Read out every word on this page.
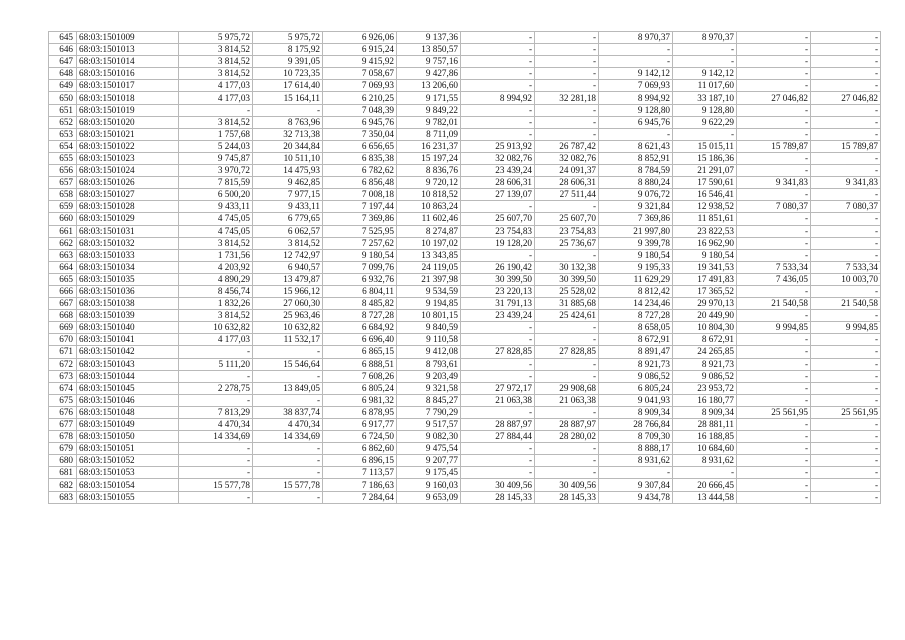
645	68:03:1501009	5 975,72	5 975,72	6 926,06	9 137,36	-	-	8 970,37	8 970,37	-	-
646	68:03:1501013	3 814,52	8 175,92	6 915,24	13 850,57	-	-	-	-	-	-
647	68:03:1501014	3 814,52	9 391,05	9 415,92	9 757,16	-	-	-	-	-	-
648	68:03:1501016	3 814,52	10 723,35	7 058,67	9 427,86	-	-	9 142,12	9 142,12	-	-
649	68:03:1501017	4 177,03	17 614,40	7 069,93	13 206,60	-	-	7 069,93	11 017,60	-	-
650	68:03:1501018	4 177,03	15 164,11	6 210,25	9 171,55	8 994,92	32 281,18	8 994,92	33 187,10	27 046,82	27 046,82
651	68:03:1501019	-	-	7 048,39	9 849,22	-	-	9 128,80	9 128,80	-	-
652	68:03:1501020	3 814,52	8 763,96	6 945,76	9 782,01	-	-	6 945,76	9 622,29	-	-
653	68:03:1501021	1 757,68	32 713,38	7 350,04	8 711,09	-	-	-	-	-	-
654	68:03:1501022	5 244,03	20 344,84	6 656,65	16 231,37	25 913,92	26 787,42	8 621,43	15 015,11	15 789,87	15 789,87
655	68:03:1501023	9 745,87	10 511,10	6 835,38	15 197,24	32 082,76	32 082,76	8 852,91	15 186,36	-	-
656	68:03:1501024	3 970,72	14 475,93	6 782,62	8 836,76	23 439,24	24 091,37	8 784,59	21 291,07	-	-
657	68:03:1501026	7 815,59	9 462,85	6 856,48	9 720,12	28 606,31	28 606,31	8 880,24	17 590,61	9 341,83	9 341,83
658	68:03:1501027	6 500,20	7 977,15	7 008,18	10 818,52	27 139,07	27 511,44	9 076,72	16 546,41	-	-
659	68:03:1501028	9 433,11	9 433,11	7 197,44	10 863,24	-	-	9 321,84	12 938,52	7 080,37	7 080,37
660	68:03:1501029	4 745,05	6 779,65	7 369,86	11 602,46	25 607,70	25 607,70	7 369,86	11 851,61	-	-
661	68:03:1501031	4 745,05	6 062,57	7 525,95	8 274,87	23 754,83	23 754,83	21 997,80	23 822,53	-	-
662	68:03:1501032	3 814,52	3 814,52	7 257,62	10 197,02	19 128,20	25 736,67	9 399,78	16 962,90	-	-
663	68:03:1501033	1 731,56	12 742,97	9 180,54	13 343,85	-	-	9 180,54	9 180,54	-	-
664	68:03:1501034	4 203,92	6 940,57	7 099,76	24 119,05	26 190,42	30 132,38	9 195,33	19 341,53	7 533,34	7 533,34
665	68:03:1501035	4 890,29	13 479,87	6 932,76	21 397,98	30 399,50	30 399,50	11 629,29	17 491,83	7 436,05	10 003,70
666	68:03:1501036	8 456,74	15 966,12	6 804,11	9 534,59	23 220,13	25 528,02	8 812,42	17 365,52	-	-
667	68:03:1501038	1 832,26	27 060,30	8 485,82	9 194,85	31 791,13	31 885,68	14 234,46	29 970,13	21 540,58	21 540,58
668	68:03:1501039	3 814,52	25 963,46	8 727,28	10 801,15	23 439,24	25 424,61	8 727,28	20 449,90	-	-
669	68:03:1501040	10 632,82	10 632,82	6 684,92	9 840,59	-	-	8 658,05	10 804,30	9 994,85	9 994,85
670	68:03:1501041	4 177,03	11 532,17	6 696,40	9 110,58	-	-	8 672,91	8 672,91	-	-
671	68:03:1501042	-	-	6 865,15	9 412,08	27 828,85	27 828,85	8 891,47	24 265,85	-	-
672	68:03:1501043	5 111,20	15 546,64	6 888,51	8 793,61	-	-	8 921,73	8 921,73	-	-
673	68:03:1501044	-	-	7 608,26	9 203,49	-	-	9 086,52	9 086,52	-	-
674	68:03:1501045	2 278,75	13 849,05	6 805,24	9 321,58	27 972,17	29 908,68	6 805,24	23 953,72	-	-
675	68:03:1501046	-	-	6 981,32	8 845,27	21 063,38	21 063,38	9 041,93	16 180,77	-	-
676	68:03:1501048	7 813,29	38 837,74	6 878,95	7 790,29	-	-	8 909,34	8 909,34	25 561,95	25 561,95
677	68:03:1501049	4 470,34	4 470,34	6 917,77	9 517,57	28 887,97	28 887,97	28 766,84	28 881,11	-	-
678	68:03:1501050	14 334,69	14 334,69	6 724,50	9 082,30	27 884,44	28 280,02	8 709,30	16 188,85	-	-
679	68:03:1501051	-	-	6 862,60	9 475,54	-	-	8 888,17	10 684,60	-	-
680	68:03:1501052	-	-	6 896,15	9 207,77	-	-	8 931,62	8 931,62	-	-
681	68:03:1501053	-	-	7 113,57	9 175,45	-	-	-	-	-	-
682	68:03:1501054	15 577,78	15 577,78	7 186,63	9 160,03	30 409,56	30 409,56	9 307,84	20 666,45	-	-
683	68:03:1501055	-	-	7 284,64	9 653,09	28 145,33	28 145,33	9 434,78	13 444,58	-	-
